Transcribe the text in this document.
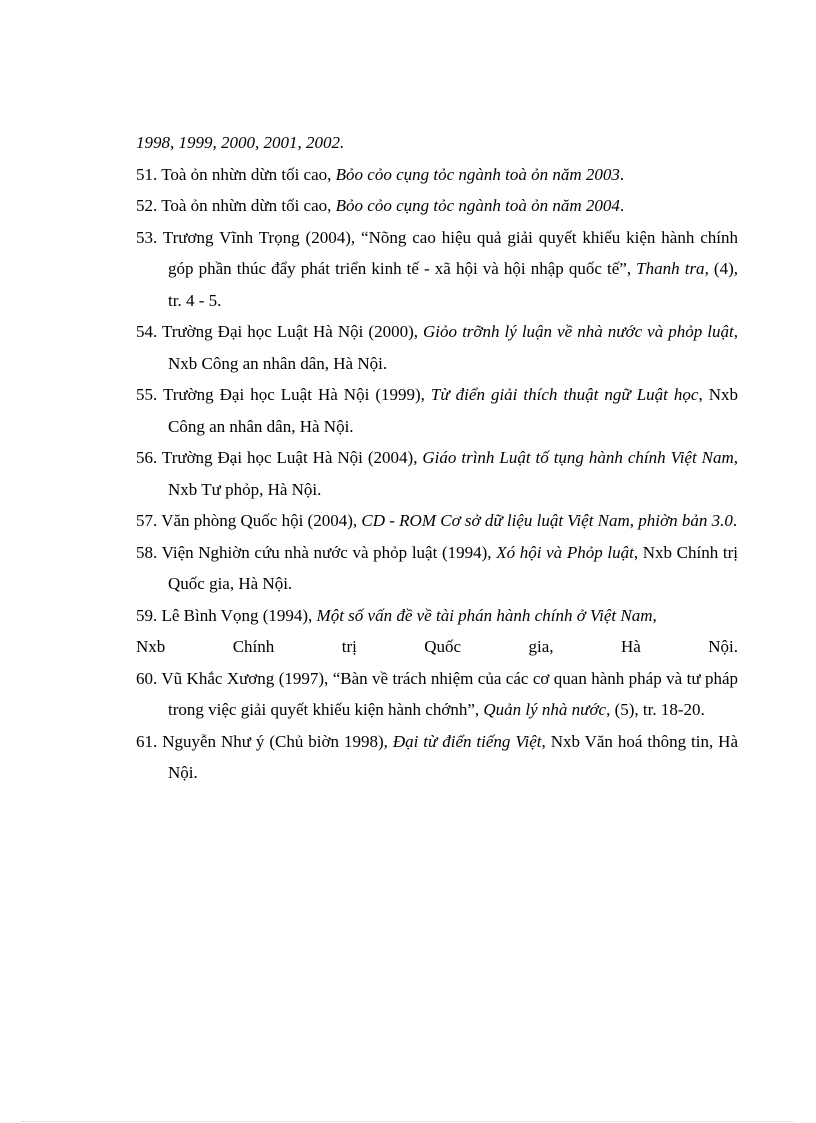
1998, 1999, 2000, 2001, 2002.
51. Toà ỏn nhừn dừn tối cao, Bỏo cỏo cụng tỏc ngành toà ỏn năm 2003.
52. Toà ỏn nhừn dừn tối cao, Bỏo cỏo cụng tỏc ngành toà ỏn năm 2004.
53. Trương Vĩnh Trọng (2004), “Nõng cao hiệu quả giải quyết khiếu kiện hành chính góp phần thúc đẩy phát triển kinh tế - xã hội và hội nhập quốc tế”, Thanh tra, (4), tr. 4 - 5.
54. Trường Đại học Luật Hà Nội (2000), Giỏo trỡnh lý luận về nhà nước và phỏp luật, Nxb Công an nhân dân, Hà Nội.
55. Trường Đại học Luật Hà Nội (1999), Từ điển giải thích thuật ngữ Luật học, Nxb Công an nhân dân, Hà Nội.
56. Trường Đại học Luật Hà Nội (2004), Giáo trình Luật tố tụng hành chính Việt Nam, Nxb Tư phỏp, Hà Nội.
57. Văn phòng Quốc hội (2004), CD - ROM Cơ sở dữ liệu luật Việt Nam, phiờn bản 3.0.
58. Viện Nghiờn cứu nhà nước và phỏp luật (1994), Xó hội và Phỏp luật, Nxb Chính trị Quốc gia, Hà Nội.
59. Lê Bình Vọng (1994), Một số vấn đề về tài phán hành chính ở Việt Nam,
Nxb Chính trị Quốc gia, Hà Nội.
60. Vũ Khắc Xương (1997), “Bàn về trách nhiệm của các cơ quan hành pháp và tư pháp trong việc giải quyết khiếu kiện hành chớnh”, Quản lý nhà nước, (5), tr. 18-20.
61. Nguyễn Như ý (Chủ biờn 1998), Đại từ điển tiếng Việt, Nxb Văn hoá thông tin, Hà Nội.
